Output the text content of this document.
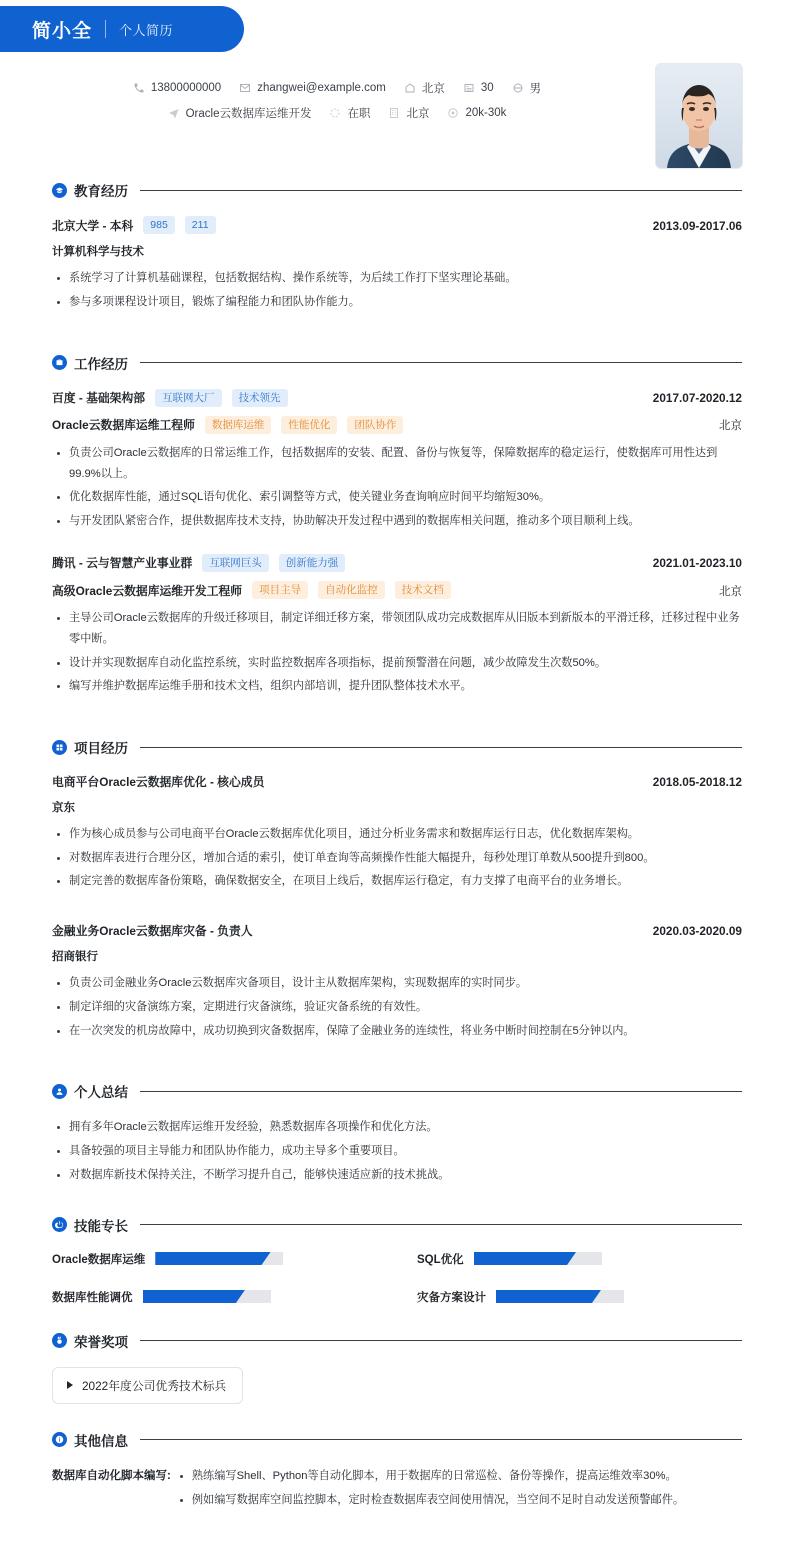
简小全 个人简历
13800000000	zhangwei@example.com	北京	30	男
Oracle云数据库运维开发	在职	北京	20k-30k
教育经历
北京大学 - 本科	985	211	2013.09-2017.06
计算机科学与技术
系统学习了计算机基础课程，包括数据结构、操作系统等，为后续工作打下坚实理论基础。
参与多项课程设计项目，锻炼了编程能力和团队协作能力。
工作经历
百度 - 基础架构部	互联网大厂	技术领先	2017.07-2020.12
Oracle云数据库运维工程师	数据库运维	性能优化	团队协作	北京
负责公司Oracle云数据库的日常运维工作，包括数据库的安装、配置、备份与恢复等，保障数据库的稳定运行，使数据库可用性达到99.9%以上。
优化数据库性能，通过SQL语句优化、索引调整等方式，使关键业务查询响应时间平均缩短30%。
与开发团队紧密合作，提供数据库技术支持，协助解决开发过程中遇到的数据库相关问题，推动多个项目顺利上线。
腾讯 - 云与智慧产业事业群	互联网巨头	创新能力强	2021.01-2023.10
高级Oracle云数据库运维开发工程师	项目主导	自动化监控	技术文档	北京
主导公司Oracle云数据库的升级迁移项目，制定详细迁移方案，带领团队成功完成数据库从旧版本到新版本的平滑迁移，迁移过程中业务零中断。
设计并实现数据库自动化监控系统，实时监控数据库各项指标，提前预警潜在问题，减少故障发生次数50%。
编写并维护数据库运维手册和技术文档，组织内部培训，提升团队整体技术水平。
项目经历
电商平台Oracle云数据库优化 - 核心成员	2018.05-2018.12
京东
作为核心成员参与公司电商平台Oracle云数据库优化项目，通过分析业务需求和数据库运行日志，优化数据库架构。
对数据库表进行合理分区，增加合适的索引，使订单查询等高频操作性能大幅提升，每秒处理订单数从500提升到800。
制定完善的数据库备份策略，确保数据安全，在项目上线后，数据库运行稳定，有力支撑了电商平台的业务增长。
金融业务Oracle云数据库灾备 - 负责人	2020.03-2020.09
招商银行
负责公司金融业务Oracle云数据库灾备项目，设计主从数据库架构，实现数据库的实时同步。
制定详细的灾备演练方案，定期进行灾备演练，验证灾备系统的有效性。
在一次突发的机房故障中，成功切换到灾备数据库，保障了金融业务的连续性，将业务中断时间控制在5分钟以内。
个人总结
拥有多年Oracle云数据库运维开发经验，熟悉数据库各项操作和优化方法。
具备较强的项目主导能力和团队协作能力，成功主导多个重要项目。
对数据库新技术保持关注，不断学习提升自己，能够快速适应新的技术挑战。
技能专长
Oracle数据库运维	SQL优化
数据库性能调优	灾备方案设计
荣誉奖项
2022年度公司优秀技术标兵
其他信息
数据库自动化脚本编写:	熟练编写Shell、Python等自动化脚本，用于数据库的日常巡检、备份等操作，提高运维效率30%。
例如编写数据库空间监控脚本，定时检查数据库表空间使用情况，当空间不足时自动发送预警邮件。
